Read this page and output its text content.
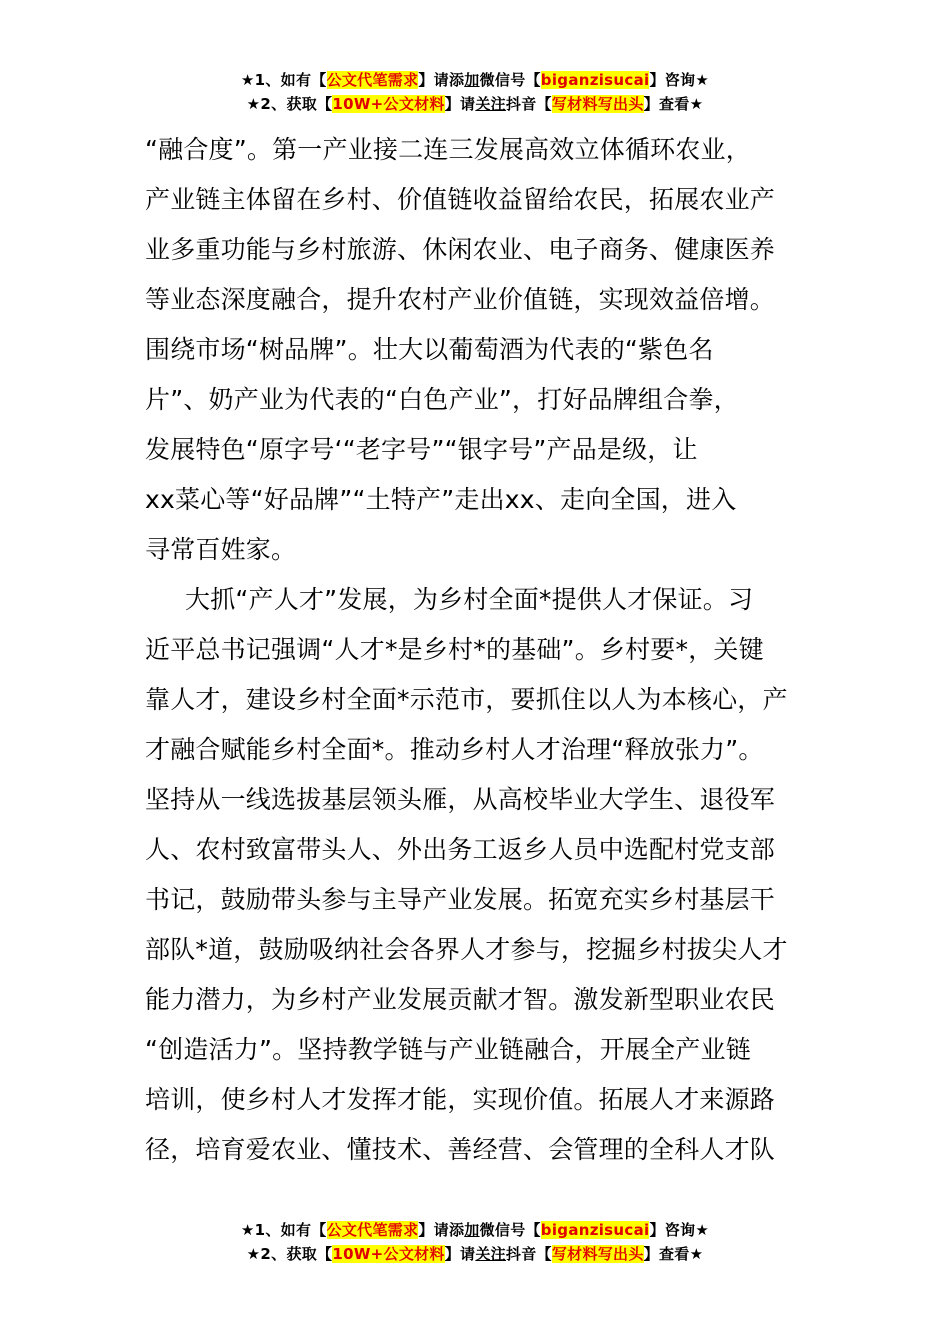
★1、如有【公文代笔需求】请添加微信号【biganzisucai】咨询★
★2、获取【10W+公文材料】请关注抖音【写材料写出头】查看★

“融合度”。第一产业接二连三发展高效立体循环农业，
产业链主体留在乡村、价值链收益留给农民，拓展农业产
业多重功能与乡村旅游、休闲农业、电子商务、健康医养
等业态深度融合，提升农村产业价值链，实现效益倍增。
围绕市场“树品牌”。壮大以葡萄酒为代表的“紫色名
片”、奶产业为代表的“白色产业”，打好品牌组合拳，
发展特色“原字号‘“老字号”“银字号”产品是级，让
xx菜心等“好品牌”“土特产”走出xx、走向全国，进入
寻常百姓家。

大抓“产人才”发展，为乡村全面*提供人才保证。习
近平总书记强调“人才*是乡村*的基础”。乡村要*，关键
靠人才，建设乡村全面*示范市，要抓住以人为本核心，产
才融合赋能乡村全面*。推动乡村人才治理“释放张力”。
坚持从一线选拔基层领头雁，从高校毕业大学生、退役军
人、农村致富带头人、外出务工返乡人员中选配村党支部
书记，鼓励带头参与主导产业发展。拓宽充实乡村基层干
部队*道，鼓励吸纳社会各界人才参与，挖掘乡村拔尖人才
能力潜力，为乡村产业发展贡献才智。激发新型职业农民
“创造活力”。坚持教学链与产业链融合，开展全产业链
培训，使乡村人才发挥才能，实现价值。拓展人才来源路
径，培育爱农业、懂技术、善经营、会管理的全科人才队

★1、如有【公文代笔需求】请添加微信号【biganzisucai】咨询★
★2、获取【10W+公文材料】请关注抖音【写材料写出头】查看★
